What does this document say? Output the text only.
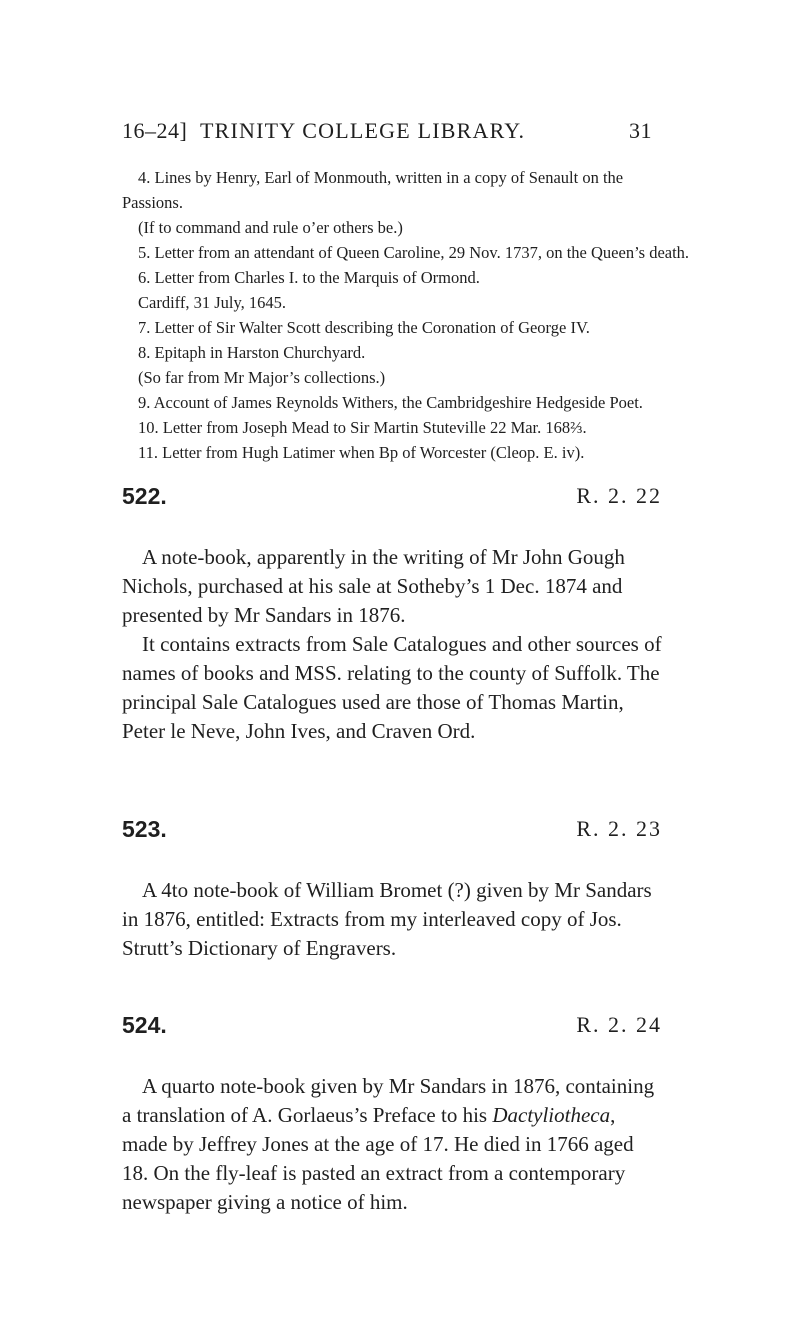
16–24] TRINITY COLLEGE LIBRARY.	31
4. Lines by Henry, Earl of Monmouth, written in a copy of Senault on the
Passions.
(If to command and rule o’er others be.)
5. Letter from an attendant of Queen Caroline, 29 Nov. 1737, on the Queen’s death.
6. Letter from Charles I. to the Marquis of Ormond.
Cardiff, 31 July, 1645.
7. Letter of Sir Walter Scott describing the Coronation of George IV.
8. Epitaph in Harston Churchyard.
(So far from Mr Major’s collections.)
9. Account of James Reynolds Withers, the Cambridgeshire Hedgeside Poet.
10. Letter from Joseph Mead to Sir Martin Stuteville 22 Mar. 168⅔.
11. Letter from Hugh Latimer when Bp of Worcester (Cleop. E. iv).
522.	R. 2. 22

A note-book, apparently in the writing of Mr John Gough Nichols, purchased at his sale at Sotheby’s 1 Dec. 1874 and presented by Mr Sandars in 1876.

It contains extracts from Sale Catalogues and other sources of names of books and MSS. relating to the county of Suffolk. The principal Sale Catalogues used are those of Thomas Martin, Peter le Neve, John Ives, and Craven Ord.

523.	R. 2. 23

A 4to note-book of William Bromet (?) given by Mr Sandars in 1876, entitled: Extracts from my interleaved copy of Jos. Strutt’s Dictionary of Engravers.

524.	R. 2. 24

A quarto note-book given by Mr Sandars in 1876, containing a translation of A. Gorlaeus’s Preface to his Dactyliotheca, made by Jeffrey Jones at the age of 17. He died in 1766 aged 18. On the fly-leaf is pasted an extract from a contemporary newspaper giving a notice of him.
